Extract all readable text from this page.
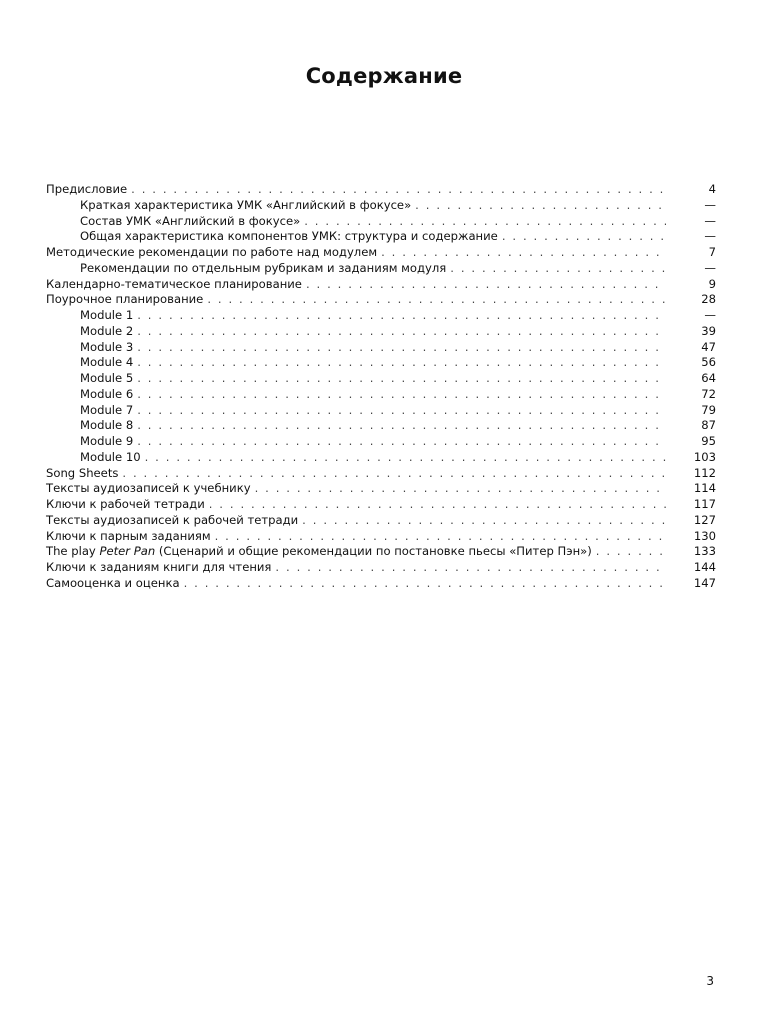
Содержание
Предисловие . . .	4
Краткая характеристика УМК «Английский в фокусе» . . .	—
Состав УМК «Английский в фокусе» . . .	—
Общая характеристика компонентов УМК: структура и содержание . . .	—
Методические рекомендации по работе над модулем . . .	7
Рекомендации по отдельным рубрикам и заданиям модуля . . .	—
Календарно-тематическое планирование . . .	9
Поурочное планирование . . .	28
Module 1 . . .	—
Module 2 . . .	39
Module 3 . . .	47
Module 4 . . .	56
Module 5 . . .	64
Module 6 . . .	72
Module 7 . . .	79
Module 8 . . .	87
Module 9 . . .	95
Module 10 . . .	103
Song Sheets . . .	112
Тексты аудиозаписей к учебнику . . .	114
Ключи к рабочей тетради . . .	117
Тексты аудиозаписей к рабочей тетради . . .	127
Ключи к парным заданиям . . .	130
The play Peter Pan (Сценарий и общие рекомендации по постановке пьесы «Питер Пэн») . . .	133
Ключи к заданиям книги для чтения . . .	144
Самооценка и оценка . . .	147
3
